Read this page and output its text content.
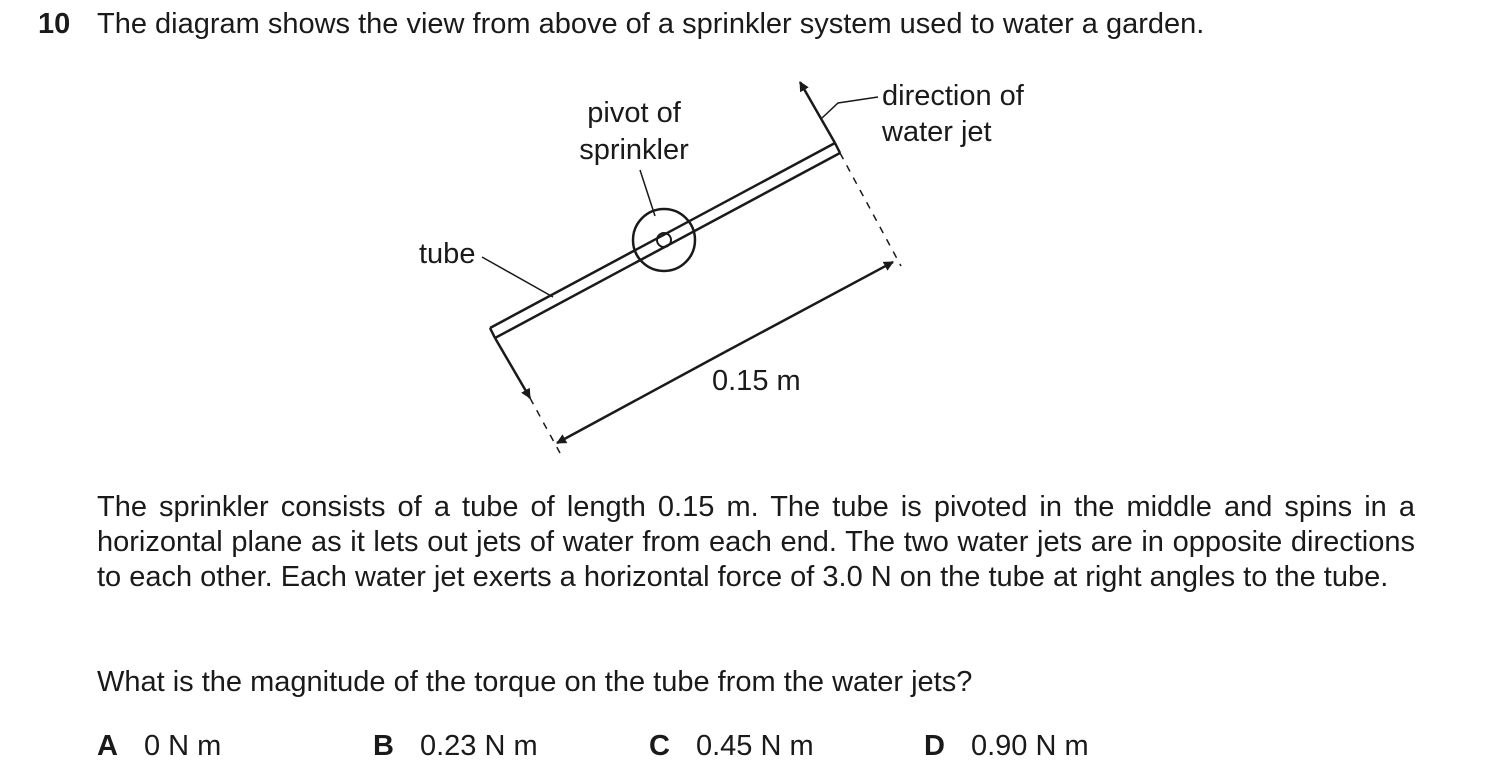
10 The diagram shows the view from above of a sprinkler system used to water a garden.
pivot of
sprinkler
direction of
water jet
tube
0.15 m

The sprinkler consists of a tube of length 0.15 m. The tube is pivoted in the middle and spins in a horizontal plane as it lets out jets of water from each end. The two water jets are in opposite directions to each other. Each water jet exerts a horizontal force of 3.0 N on the tube at right angles to the tube.

What is the magnitude of the torque on the tube from the water jets?

A 0 N m	B 0.23 N m	C 0.45 N m	D 0.90 N m
